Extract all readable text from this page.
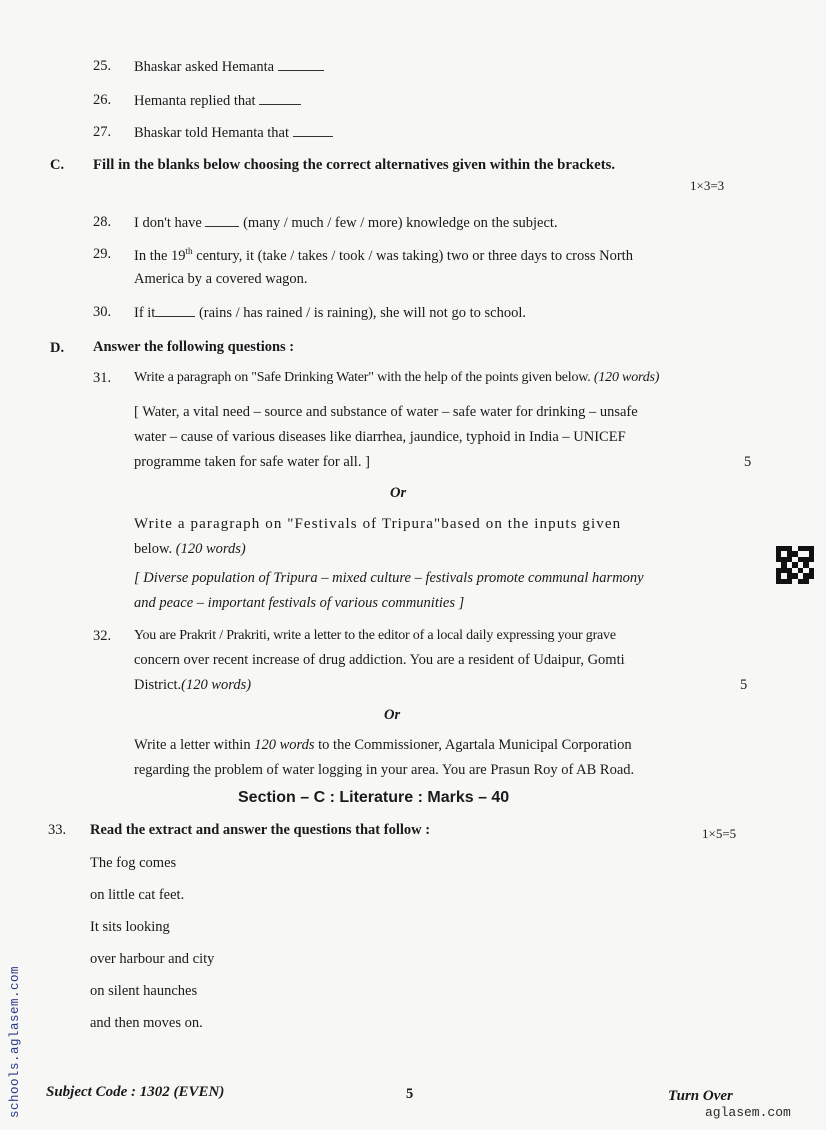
25. Bhaskar asked Hemanta
26. Hemanta replied that
27. Bhaskar told Hemanta that
C. Fill in the blanks below choosing the correct alternatives given within the brackets.
1×3=3
28. I don't have	(many / much / few / more) knowledge on the subject.
29. In the 19th century, it (take / takes / took / was taking) two or three days to cross North
America by a covered wagon.
30. If it	(rains / has rained / is raining), she will not go to school.
D. Answer the following questions :
31. Write a paragraph on "Safe Drinking Water" with the help of the points given below. (120 words)
[ Water, a vital need – source and substance of water – safe water for drinking – unsafe
water – cause of various diseases like diarrhea, jaundice, typhoid in India – UNICEF
programme taken for safe water for all. ]	5
Or
Write a paragraph on "Festivals of Tripura"based on the inputs given
below. (120 words)
[ Diverse population of Tripura – mixed culture – festivals promote communal harmony
and peace – important festivals of various communities ]
32. You are Prakrit / Prakriti, write a letter to the editor of a local daily expressing your grave
concern over recent increase of drug addiction. You are a resident of Udaipur, Gomti
District.(120 words)	5
Or
Write a letter within 120 words to the Commissioner, Agartala Municipal Corporation
regarding the problem of water logging in your area. You are Prasun Roy of AB Road.
Section – C : Literature : Marks – 40
33. Read the extract and answer the questions that follow :	1×5=5
The fog comes
on little cat feet.
It sits looking
over harbour and city
on silent haunches
and then moves on.
Subject Code : 1302 (EVEN)	5	Turn Over
schools.aglasem.com	aglasem.com
